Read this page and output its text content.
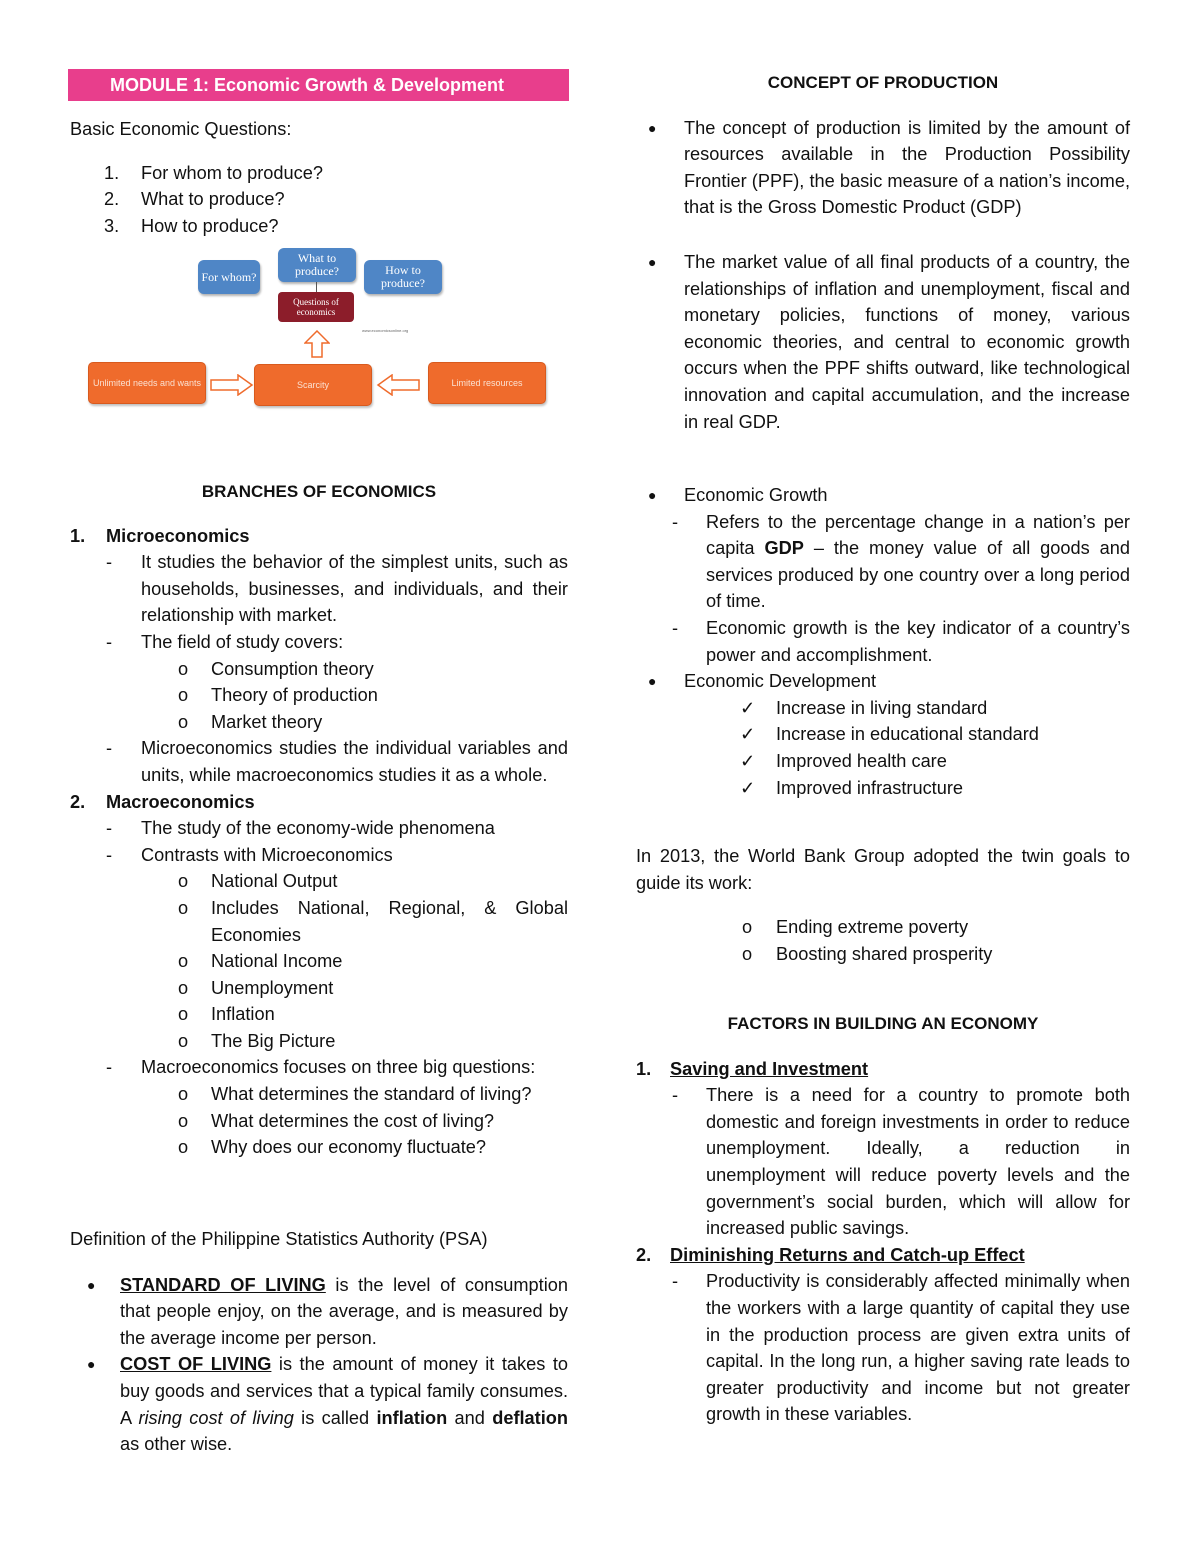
MODULE 1: Economic Growth & Development
Basic Economic Questions:
1. For whom to produce?
2. What to produce?
3. How to produce?
BRANCHES OF ECONOMICS
1. Microeconomics
- It studies the behavior of the simplest units, such as households, businesses, and individuals, and their relationship with market.
- The field of study covers:
o Consumption theory
o Theory of production
o Market theory
- Microeconomics studies the individual variables and units, while macroeconomics studies it as a whole.
2. Macroeconomics
- The study of the economy-wide phenomena
- Contrasts with Microeconomics
o National Output
o Includes National, Regional, & Global Economies
o National Income
o Unemployment
o Inflation
o The Big Picture
- Macroeconomics focuses on three big questions:
o What determines the standard of living?
o What determines the cost of living?
o Why does our economy fluctuate?
Definition of the Philippine Statistics Authority (PSA)
● STANDARD OF LIVING is the level of consumption that people enjoy, on the average, and is measured by the average income per person.
● COST OF LIVING is the amount of money it takes to buy goods and services that a typical family consumes. A rising cost of living is called inflation and deflation as other wise.
For whom?
What to produce?	How to produce?
Questions of economics
www.economicsonline.org
Unlimited needs and wants	Scarcity	Limited resources
CONCEPT OF PRODUCTION
● The concept of production is limited by the amount of resources available in the Production Possibility Frontier (PPF), the basic measure of a nation’s income, that is the Gross Domestic Product (GDP)
● The market value of all final products of a country, the relationships of inflation and unemployment, fiscal and monetary policies, functions of money, various economic theories, and central to economic growth occurs when the PPF shifts outward, like technological innovation and capital accumulation, and the increase in real GDP.
● Economic Growth
- Refers to the percentage change in a nation’s per capita GDP – the money value of all goods and services produced by one country over a long period of time.
- Economic growth is the key indicator of a country’s power and accomplishment.
● Economic Development
✓ Increase in living standard
✓ Increase in educational standard
✓ Improved health care
✓ Improved infrastructure
In 2013, the World Bank Group adopted the twin goals to guide its work:
o Ending extreme poverty
o Boosting shared prosperity
FACTORS IN BUILDING AN ECONOMY
1. Saving and Investment
- There is a need for a country to promote both domestic and foreign investments in order to reduce unemployment. Ideally, a reduction in unemployment will reduce poverty levels and the government’s social burden, which will allow for increased public savings.
2. Diminishing Returns and Catch-up Effect
- Productivity is considerably affected minimally when the workers with a large quantity of capital they use in the production process are given extra units of capital. In the long run, a higher saving rate leads to greater productivity and income but not greater growth in these variables.
